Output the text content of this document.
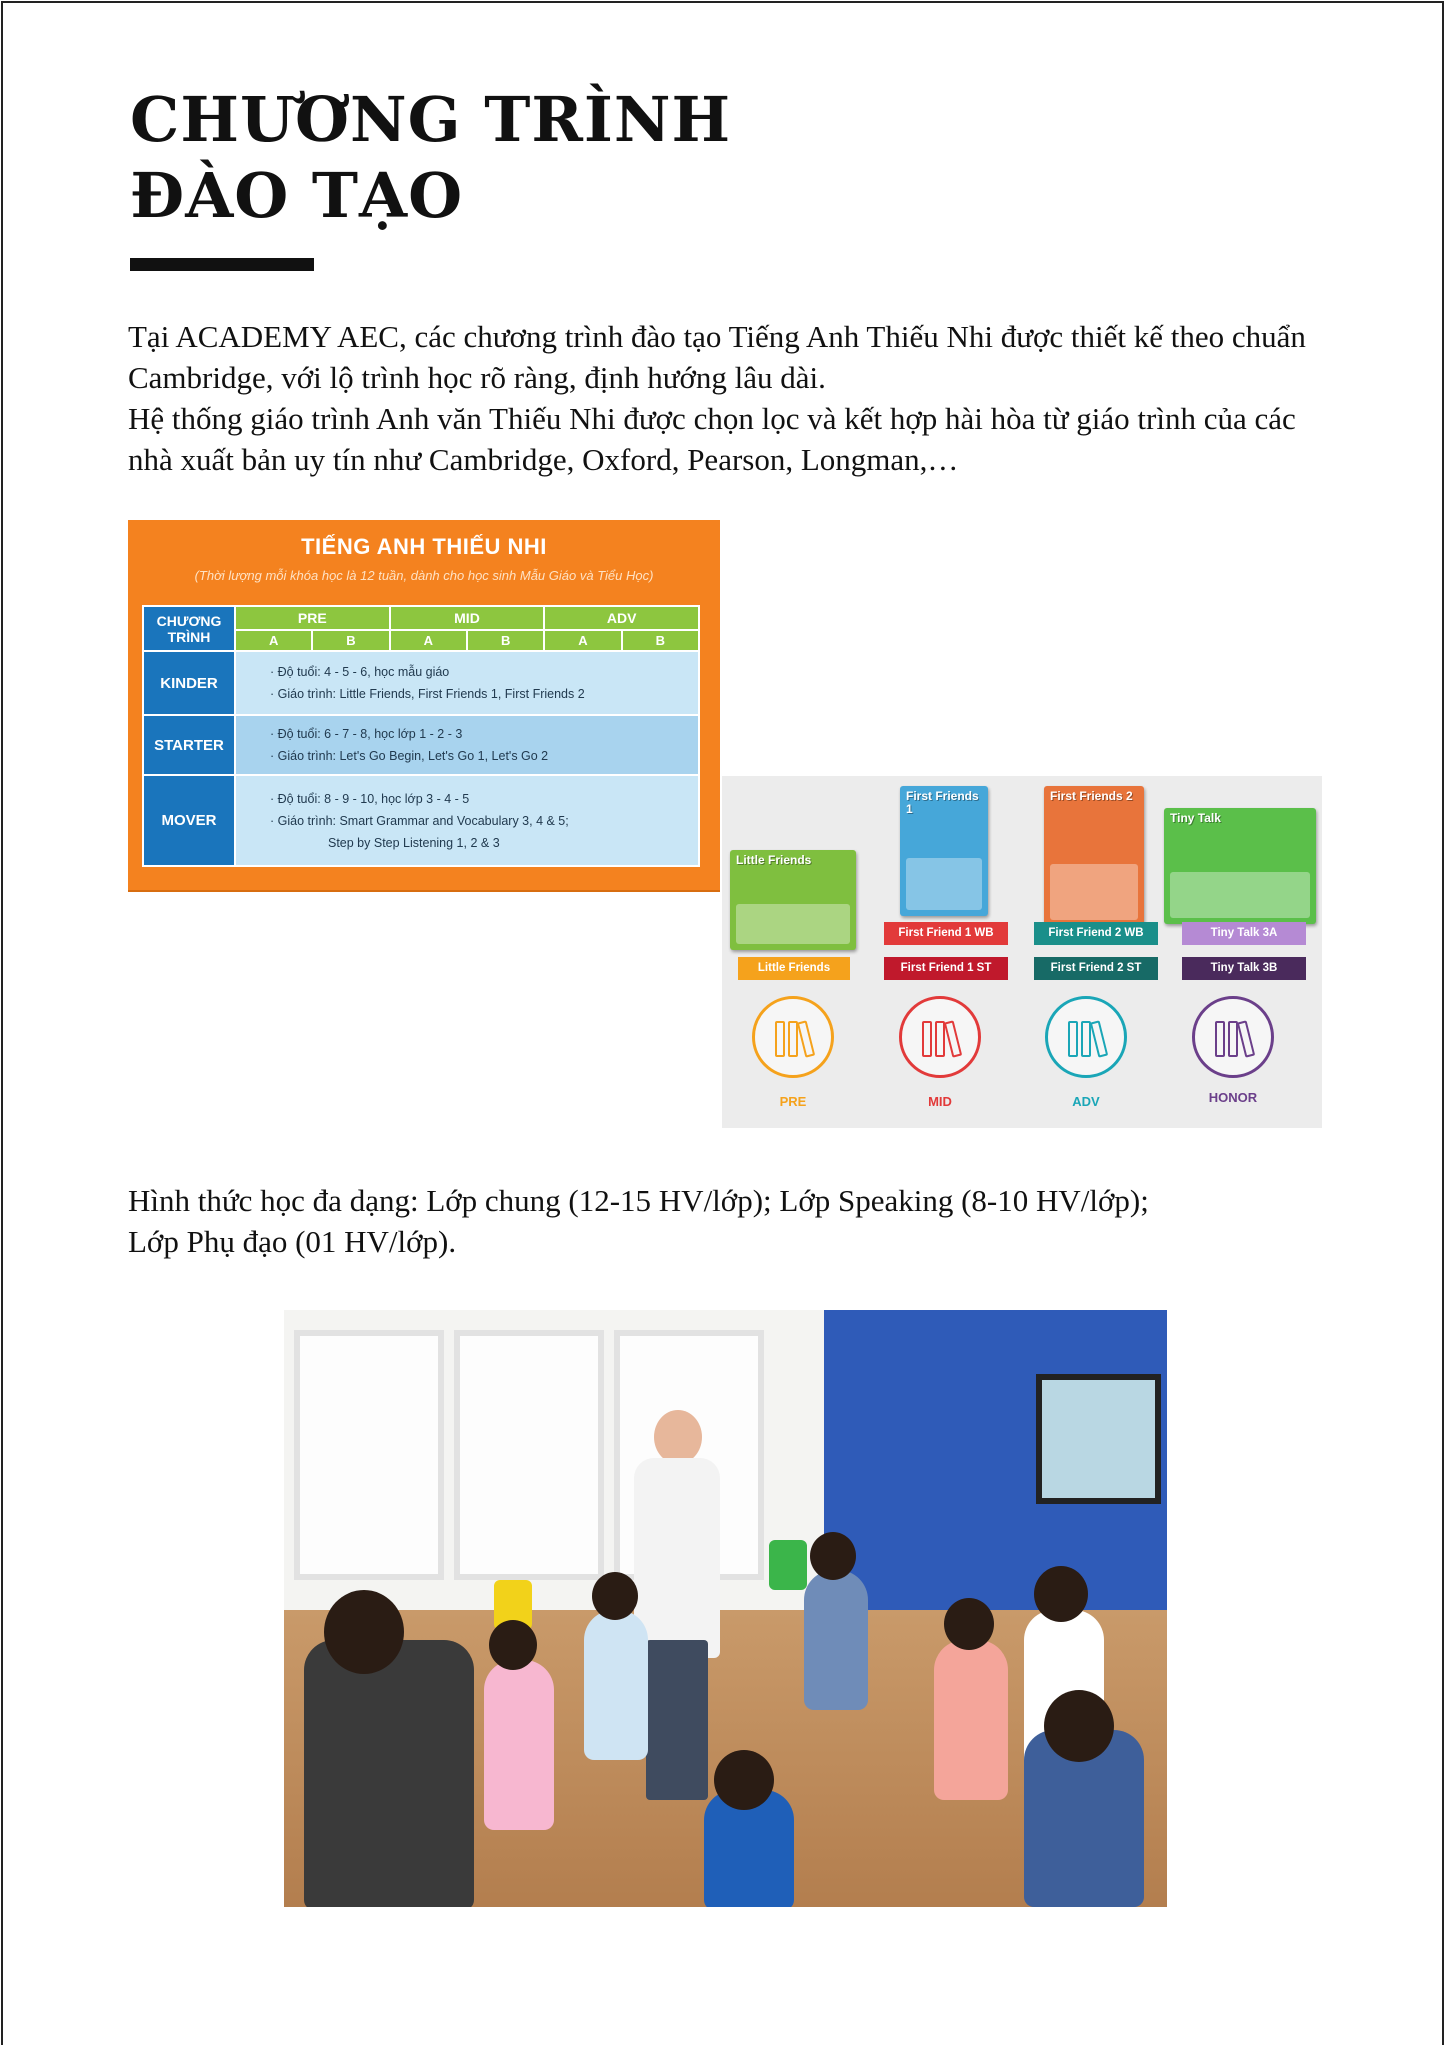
CHƯƠNG TRÌNH
ĐÀO TẠO

Tại ACADEMY AEC, các chương trình đào tạo Tiếng Anh Thiếu Nhi được thiết kế theo chuẩn Cambridge, với lộ trình học rõ ràng, định hướng lâu dài.

Hệ thống giáo trình Anh văn Thiếu Nhi được chọn lọc và kết hợp hài hòa từ giáo trình của các nhà xuất bản uy tín như Cambridge, Oxford, Pearson, Longman,…

TIẾNG ANH THIẾU NHI
(Thời lượng mỗi khóa học là 12 tuần, dành cho học sinh Mẫu Giáo và Tiểu Học)
CHƯƠNG TRÌNH	PRE		MID		ADV	
	A	B	A	B	A	B
KINDER	· Độ tuổi: 4 - 5 - 6, học mẫu giáo
· Giáo trình: Little Friends, First Friends 1, First Friends 2					

STARTER	· Độ tuổi: 6 - 7 - 8, học lớp 1 - 2 - 3
· Giáo trình: Let's Go Begin, Let's Go 1, Let's Go 2					

MOVER	· Độ tuổi: 8 - 9 - 10, học lớp 3 - 4 - 5
· Giáo trình: Smart Grammar and Vocabulary 3, 4 & 5;
Step by Step Listening 1, 2 & 3					
Little Friends
First Friends 1
First Friends 2
Tiny Talk
First Friend 1 WB	First Friend 2 WB	Tiny Talk 3A
Little Friends	First Friend 1 ST	First Friend 2 ST	Tiny Talk 3B
PRE	MID	ADV	HONOR
Hình thức học đa dạng: Lớp chung (12-15 HV/lớp); Lớp Speaking (8-10 HV/lớp);
Lớp Phụ đạo (01 HV/lớp).
